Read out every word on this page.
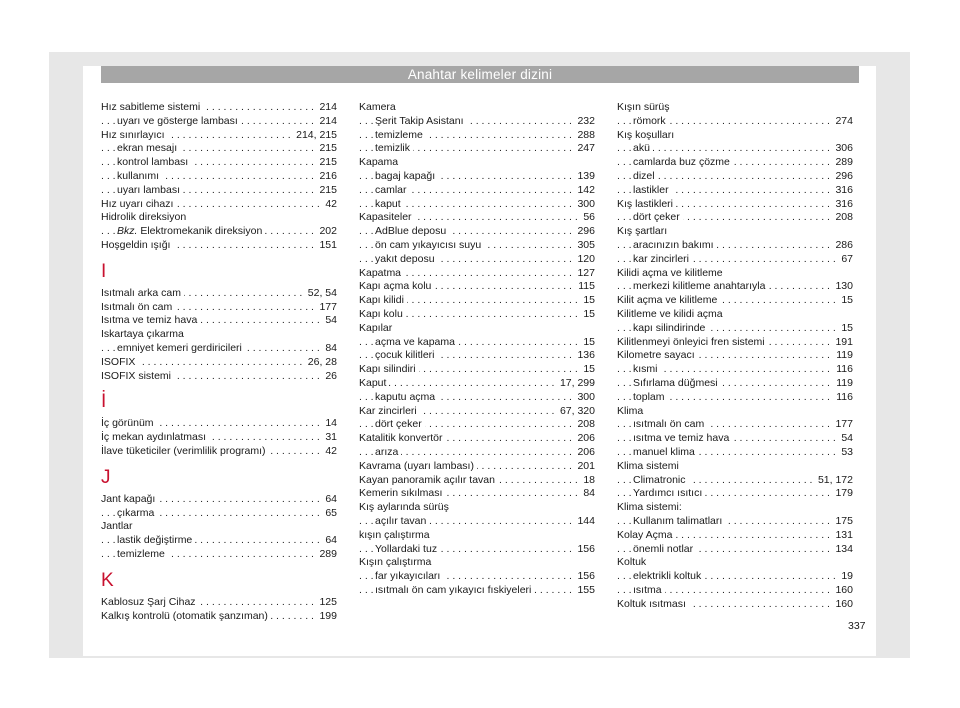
Anahtar kelimeler dizini
. . . Hız sabitleme sistemi	214
. . . uyarı ve gösterge lambası	214
. . . Hız sınırlayıcı	214, 215
. . . ekran mesajı	215
. . . kontrol lambası	215
. . . kullanımı	216
. . . uyarı lambası	215
. . . Hız uyarı cihazı	42
Hidrolik direksiyon
. . . Bkz. Elektromekanik direksiyon	202
. . . Hoşgeldin ışığı	151
I
. . . Isıtmalı arka cam	52, 54
. . . Isıtmalı ön cam	177
. . . Isıtma ve temiz hava	54
Iskartaya çıkarma
. . . emniyet kemeri gerdiricileri	84
. . . ISOFIX	26, 28
. . . ISOFIX sistemi	26
İ
. . . İç görünüm	14
. . . İç mekan aydınlatması	31
. . . İlave tüketiciler (verimlilik programı)	42
J
. . . Jant kapağı	64
. . . çıkarma	65
Jantlar
. . . lastik değiştirme	64
. . . temizleme	289
K
. . . Kablosuz Şarj Cihaz	125
. . . Kalkış kontrolü (otomatik şanzıman)	199
Kamera
. . . Şerit Takip Asistanı	232
. . . temizleme	288
. . . temizlik	247
Kapama
. . . bagaj kapağı	139
. . . camlar	142
. . . kaput	300
. . . Kapasiteler	56
. . . AdBlue deposu	296
. . . ön cam yıkayıcısı suyu	305
. . . yakıt deposu	120
. . . Kapatma	127
. . . Kapı açma kolu	115
. . . Kapı kilidi	15
. . . Kapı kolu	15
Kapılar
. . . açma ve kapama	15
. . . çocuk kilitleri	136
. . . Kapı silindiri	15
. . . Kaput	17, 299
. . . kaputu açma	300
. . . Kar zincirleri	67, 320
. . . dört çeker	208
. . . Katalitik konvertör	206
. . . arıza	206
. . . Kavrama (uyarı lambası)	201
. . . Kayan panoramik açılır tavan	18
. . . Kemerin sıkılması	84
Kış aylarında sürüş
. . . açılır tavan	144
kışın çalıştırma
. . . Yollardaki tuz	156
Kışın çalıştırma
. . . far yıkayıcıları	156
. . . ısıtmalı ön cam yıkayıcı fıskiyeleri	155
Kışın sürüş
. . . römork	274
Kış koşulları
. . . akü	306
. . . camlarda buz çözme	289
. . . dizel	296
. . . lastikler	316
. . . Kış lastikleri	316
. . . dört çeker	208
Kış şartları
. . . aracınızın bakımı	286
. . . kar zincirleri	67
Kilidi açma ve kilitleme
. . . merkezi kilitleme anahtarıyla	130
. . . Kilit açma ve kilitleme	15
Kilitleme ve kilidi açma
. . . kapı silindirinde	15
. . . Kilitlenmeyi önleyici fren sistemi	191
. . . Kilometre sayacı	119
. . . kısmi	116
. . . Sıfırlama düğmesi	119
. . . toplam	116
Klima
. . . ısıtmalı ön cam	177
. . . ısıtma ve temiz hava	54
. . . manuel klima	53
Klima sistemi
. . . Climatronic	51, 172
. . . Yardımcı ısıtıcı	179
Klima sistemi:
. . . Kullanım talimatları	175
. . . Kolay Açma	131
. . . önemli notlar	134
Koltuk
. . . elektrikli koltuk	19
. . . ısıtma	160
. . . Koltuk ısıtması	160
337
